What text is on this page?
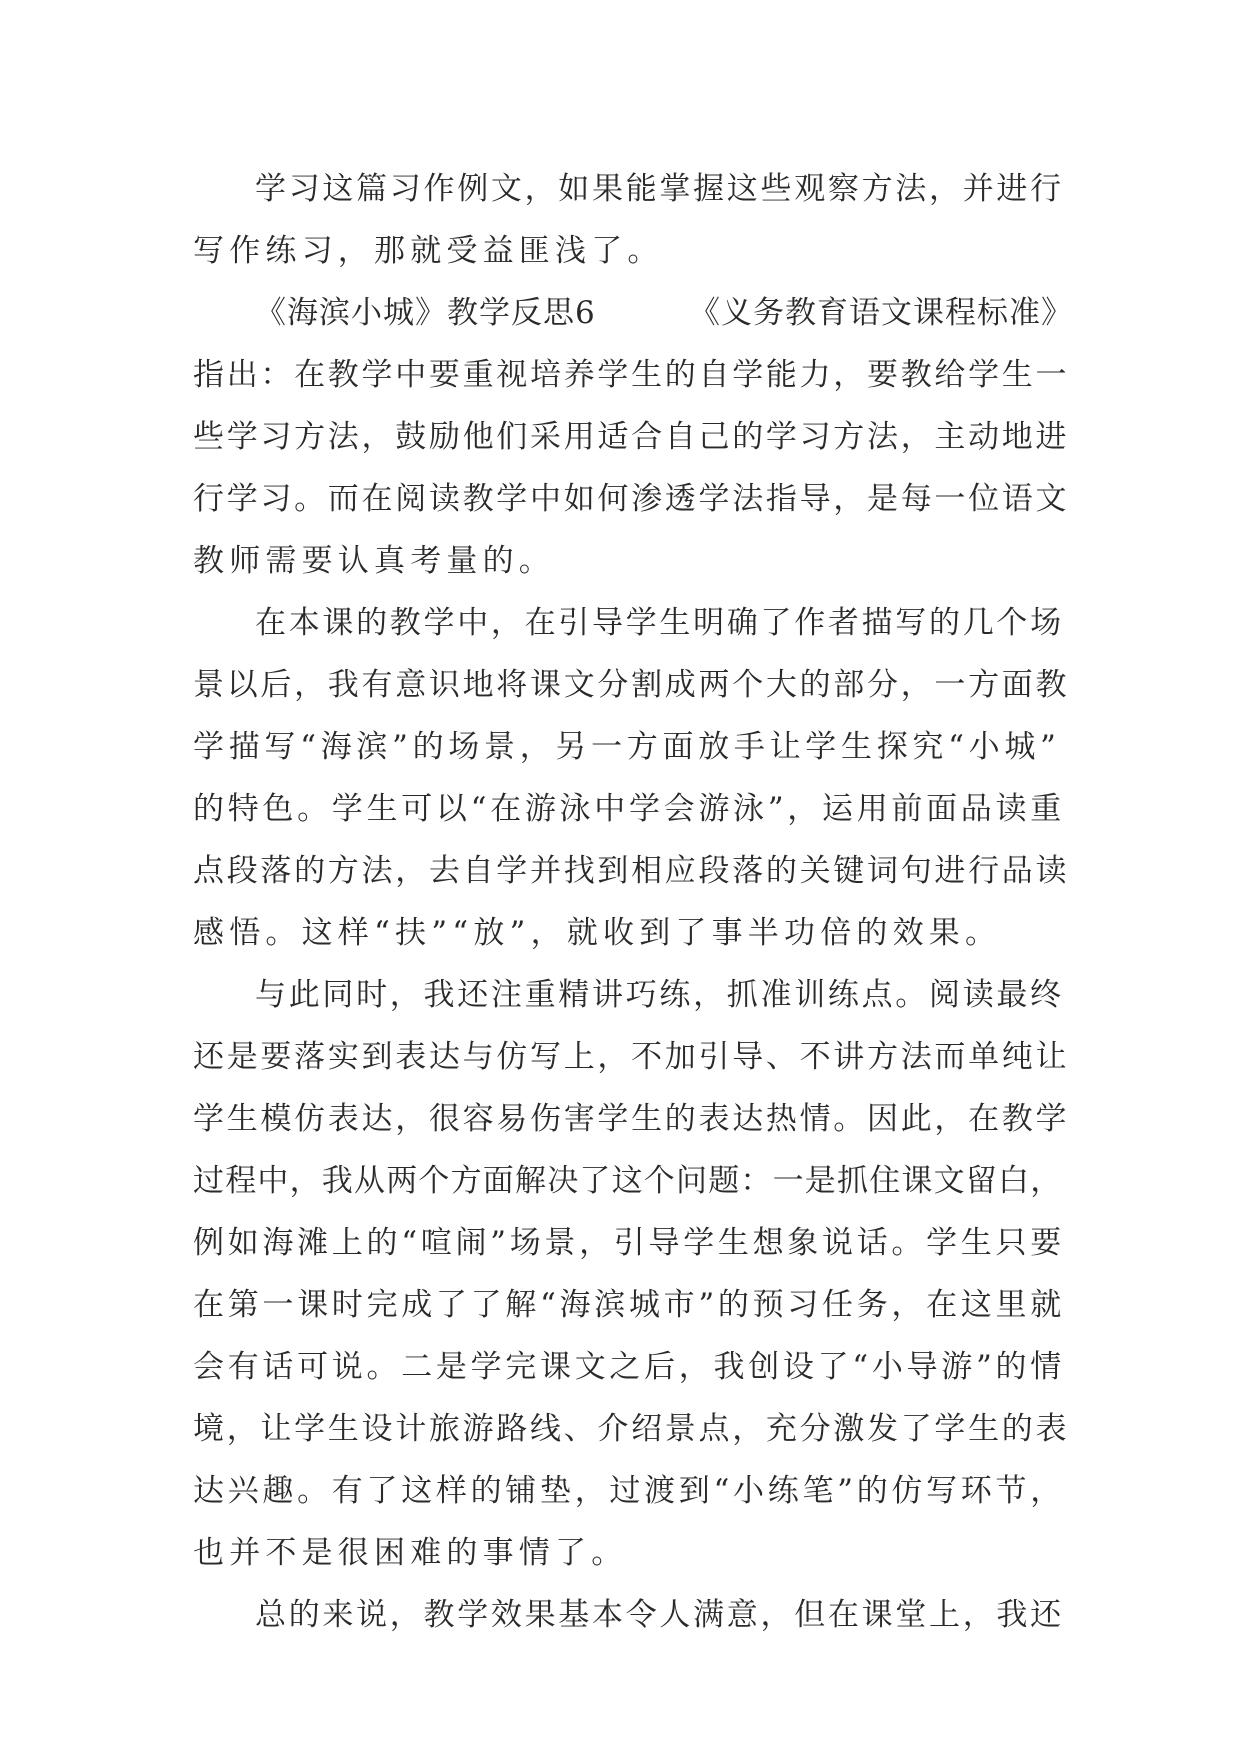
学习这篇习作例文，如果能掌握这些观察方法，并进行
写作练习，那就受益匪浅了。
《海滨小城》教学反思6	《义务教育语文课程标准》
指出：在教学中要重视培养学生的自学能力，要教给学生一
些学习方法，鼓励他们采用适合自己的学习方法，主动地进
行学习。而在阅读教学中如何渗透学法指导，是每一位语文
教师需要认真考量的。
在本课的教学中，在引导学生明确了作者描写的几个场
景以后，我有意识地将课文分割成两个大的部分，一方面教
学描写“海滨”的场景，另一方面放手让学生探究“小城”
的特色。学生可以“在游泳中学会游泳”，运用前面品读重
点段落的方法，去自学并找到相应段落的关键词句进行品读
感悟。这样“扶”“放”，就收到了事半功倍的效果。
与此同时，我还注重精讲巧练，抓准训练点。阅读最终
还是要落实到表达与仿写上，不加引导、不讲方法而单纯让
学生模仿表达，很容易伤害学生的表达热情。因此，在教学
过程中，我从两个方面解决了这个问题：一是抓住课文留白，
例如海滩上的“喧闹”场景，引导学生想象说话。学生只要
在第一课时完成了了解“海滨城市”的预习任务，在这里就
会有话可说。二是学完课文之后，我创设了“小导游”的情
境，让学生设计旅游路线、介绍景点，充分激发了学生的表
达兴趣。有了这样的铺垫，过渡到“小练笔”的仿写环节，
也并不是很困难的事情了。
总的来说，教学效果基本令人满意，但在课堂上，我还
